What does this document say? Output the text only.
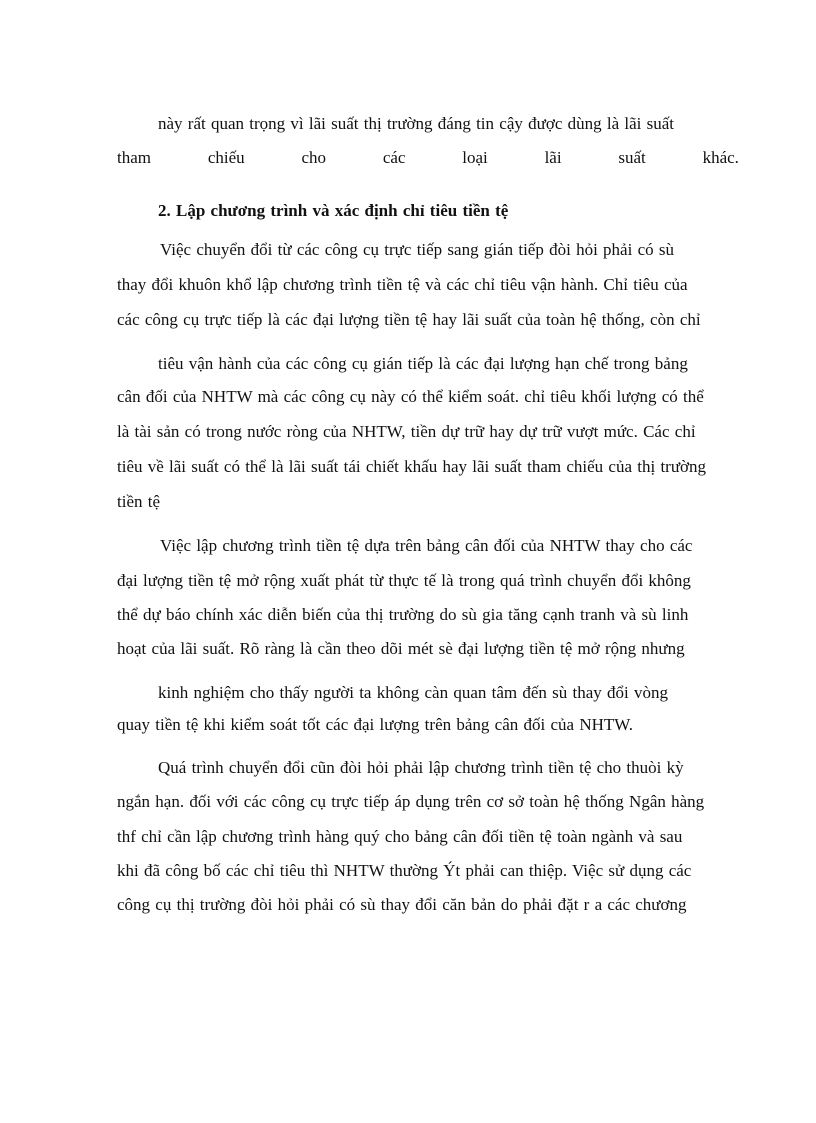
này rất quan trọng vì lãi suất thị trường đáng tin cậy được dùng là lãi suất
tham	chiếu	cho	các	loại	lãi	suất	khác.
2. Lập chương trình và xác định chỉ tiêu tiền tệ
Việc chuyển đổi từ các công cụ trực tiếp sang gián tiếp đòi hỏi phải có sù
thay đổi khuôn khổ lập chương trình tiền tệ và các chỉ tiêu vận hành. Chỉ tiêu của
các công cụ trực tiếp là các đại lượng tiền tệ hay lãi suất của toàn hệ thống, còn chỉ
tiêu vận hành của các công cụ gián tiếp là các đại lượng hạn chế trong bảng
cân đối của NHTW mà các công cụ này có thể kiểm soát. chỉ tiêu khối lượng có thể
là tài sản có trong nước ròng của NHTW, tiền dự trữ hay dự trữ vượt mức. Các chỉ
tiêu về lãi suất có thể là lãi suất tái chiết khấu hay lãi suất tham chiếu của thị trường
tiền tệ
Việc lập chương trình tiền tệ dựa trên bảng cân đối của NHTW thay cho các
đại lượng tiền tệ mở rộng xuất phát từ thực tế là trong quá trình chuyển đổi không
thể dự báo chính xác diễn biến của thị trường do sù gia tăng cạnh tranh và sù linh
hoạt của lãi suất. Rõ ràng là cần theo dõi mét sè đại lượng tiền tệ mở rộng nhưng
kinh nghiệm cho thấy người ta không càn quan tâm đến sù thay đổi vòng
quay tiền tệ khi kiểm soát tốt các đại lượng trên bảng cân đối của NHTW.
Quá trình chuyển đổi cũn đòi hỏi phải lập chương trình tiền tệ cho thuòi kỳ
ngắn hạn. đối với các công cụ trực tiếp áp dụng trên cơ sở toàn hệ thống Ngân hàng
thf chỉ cần lập chương trình hàng quý cho bảng cân đối tiền tệ toàn ngành và sau
khi đã công bố các chỉ tiêu thì NHTW thường Ýt phải can thiệp. Việc sử dụng các
công cụ thị trường đòi hỏi phải có sù thay đổi căn bản do phải đặt r a các chương
